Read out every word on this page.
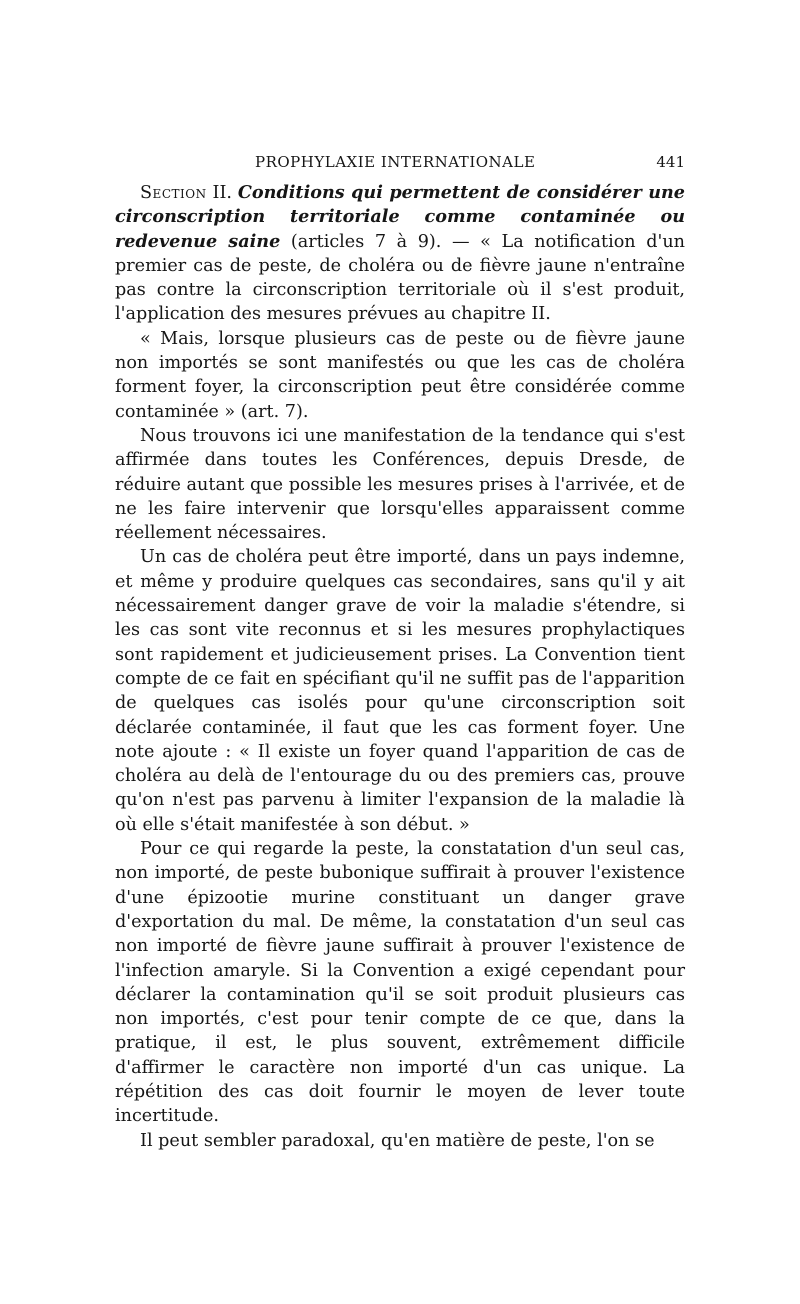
PROPHYLAXIE INTERNATIONALE	441

Section II. Conditions qui permettent de considérer une circonscription territoriale comme contaminée ou redevenue saine (articles 7 à 9). — « La notification d'un premier cas de peste, de choléra ou de fièvre jaune n'entraîne pas contre la circonscription territoriale où il s'est produit, l'application des mesures prévues au chapitre II.

« Mais, lorsque plusieurs cas de peste ou de fièvre jaune non importés se sont manifestés ou que les cas de choléra forment foyer, la circonscription peut être considérée comme contaminée » (art. 7).

Nous trouvons ici une manifestation de la tendance qui s'est affirmée dans toutes les Conférences, depuis Dresde, de réduire autant que possible les mesures prises à l'arrivée, et de ne les faire intervenir que lorsqu'elles apparaissent comme réellement nécessaires.

Un cas de choléra peut être importé, dans un pays indemne, et même y produire quelques cas secondaires, sans qu'il y ait nécessairement danger grave de voir la maladie s'étendre, si les cas sont vite reconnus et si les mesures prophylactiques sont rapidement et judicieusement prises. La Convention tient compte de ce fait en spécifiant qu'il ne suffit pas de l'apparition de quelques cas isolés pour qu'une circonscription soit déclarée contaminée, il faut que les cas forment foyer. Une note ajoute : « Il existe un foyer quand l'apparition de cas de choléra au delà de l'entourage du ou des premiers cas, prouve qu'on n'est pas parvenu à limiter l'expansion de la maladie là où elle s'était manifestée à son début. »

Pour ce qui regarde la peste, la constatation d'un seul cas, non importé, de peste bubonique suffirait à prouver l'existence d'une épizootie murine constituant un danger grave d'exportation du mal. De même, la constatation d'un seul cas non importé de fièvre jaune suffirait à prouver l'existence de l'infection amaryle. Si la Convention a exigé cependant pour déclarer la contamination qu'il se soit produit plusieurs cas non importés, c'est pour tenir compte de ce que, dans la pratique, il est, le plus souvent, extrêmement difficile d'affirmer le caractère non importé d'un cas unique. La répétition des cas doit fournir le moyen de lever toute incertitude.

Il peut sembler paradoxal, qu'en matière de peste, l'on se
